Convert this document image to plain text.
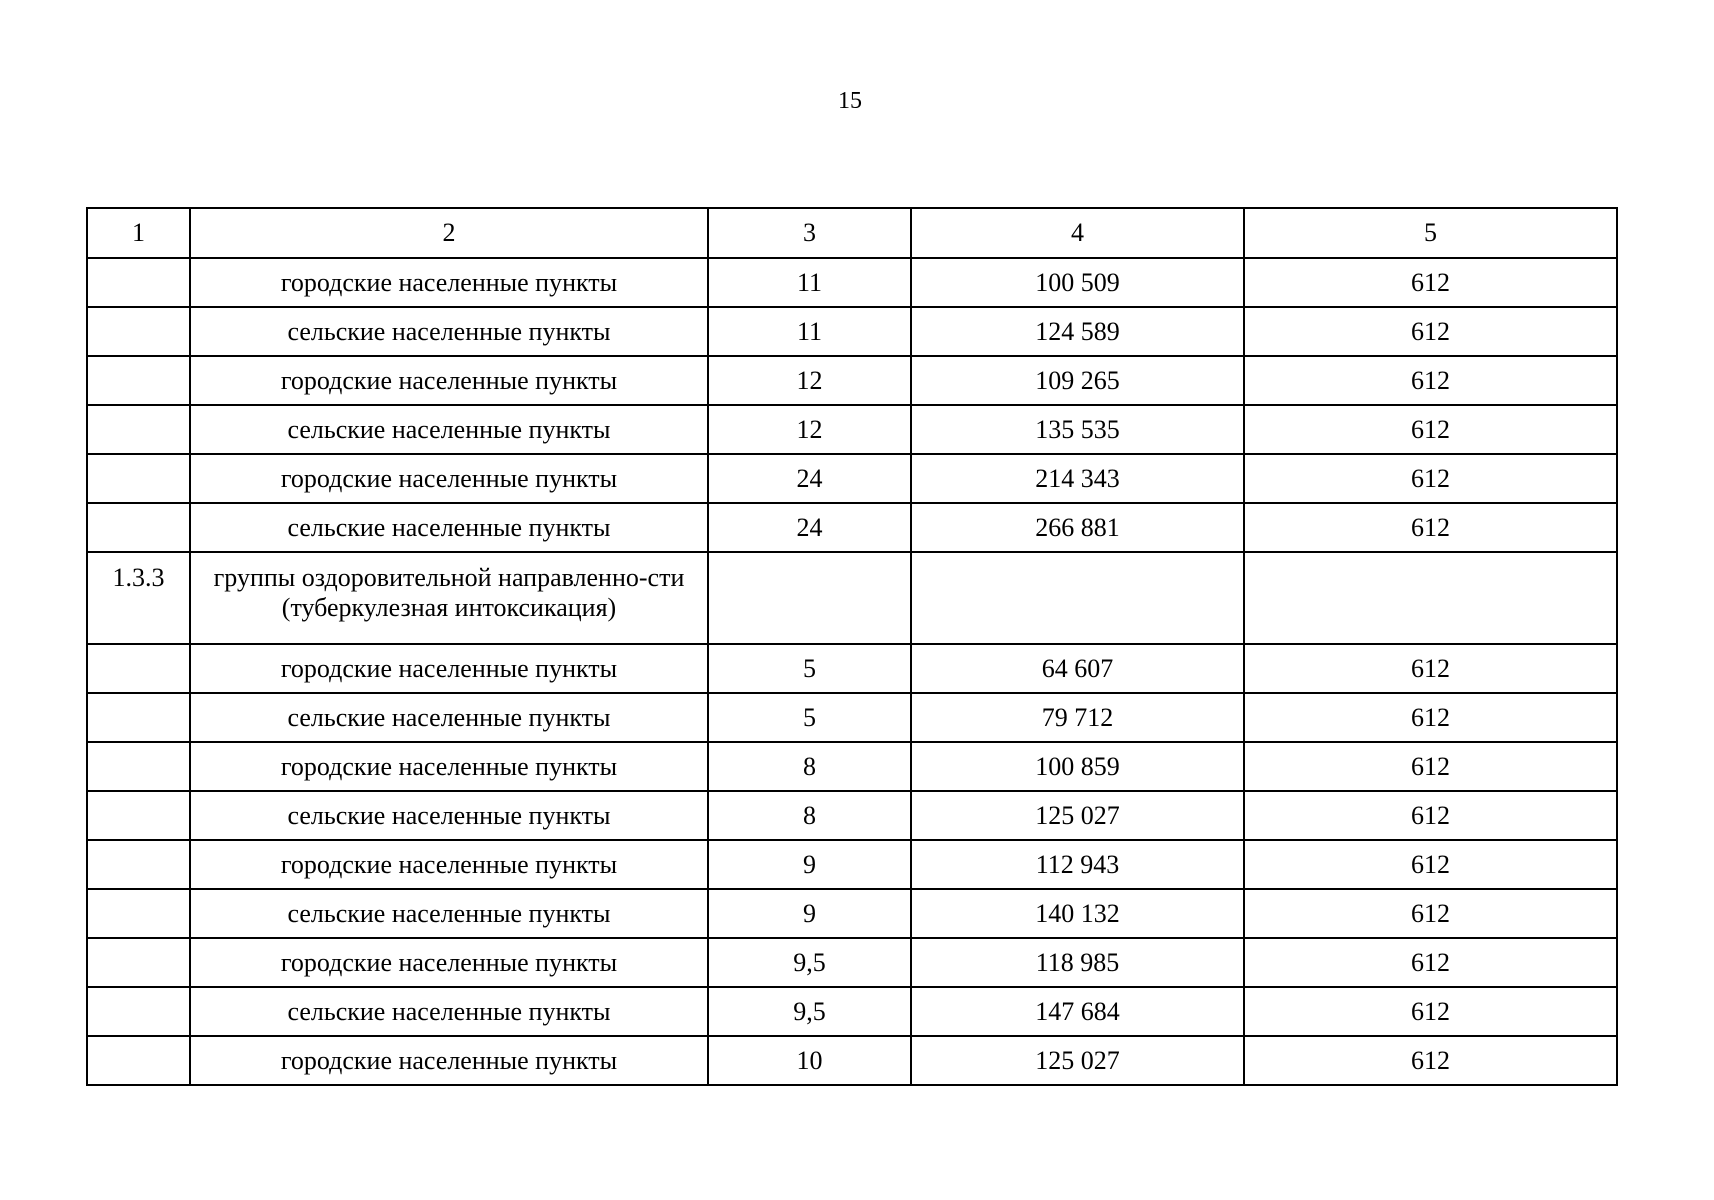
15
1	2	3	4	5
	городские населенные пункты	11	100 509	612
	сельские населенные пункты	11	124 589	612
	городские населенные пункты	12	109 265	612
	сельские населенные пункты	12	135 535	612
	городские населенные пункты	24	214 343	612
	сельские населенные пункты	24	266 881	612
1.3.3	группы оздоровительной направленно-сти (туберкулезная интоксикация)			
	городские населенные пункты	5	64 607	612
	сельские населенные пункты	5	79 712	612
	городские населенные пункты	8	100 859	612
	сельские населенные пункты	8	125 027	612
	городские населенные пункты	9	112 943	612
	сельские населенные пункты	9	140 132	612
	городские населенные пункты	9,5	118 985	612
	сельские населенные пункты	9,5	147 684	612
	городские населенные пункты	10	125 027	612
